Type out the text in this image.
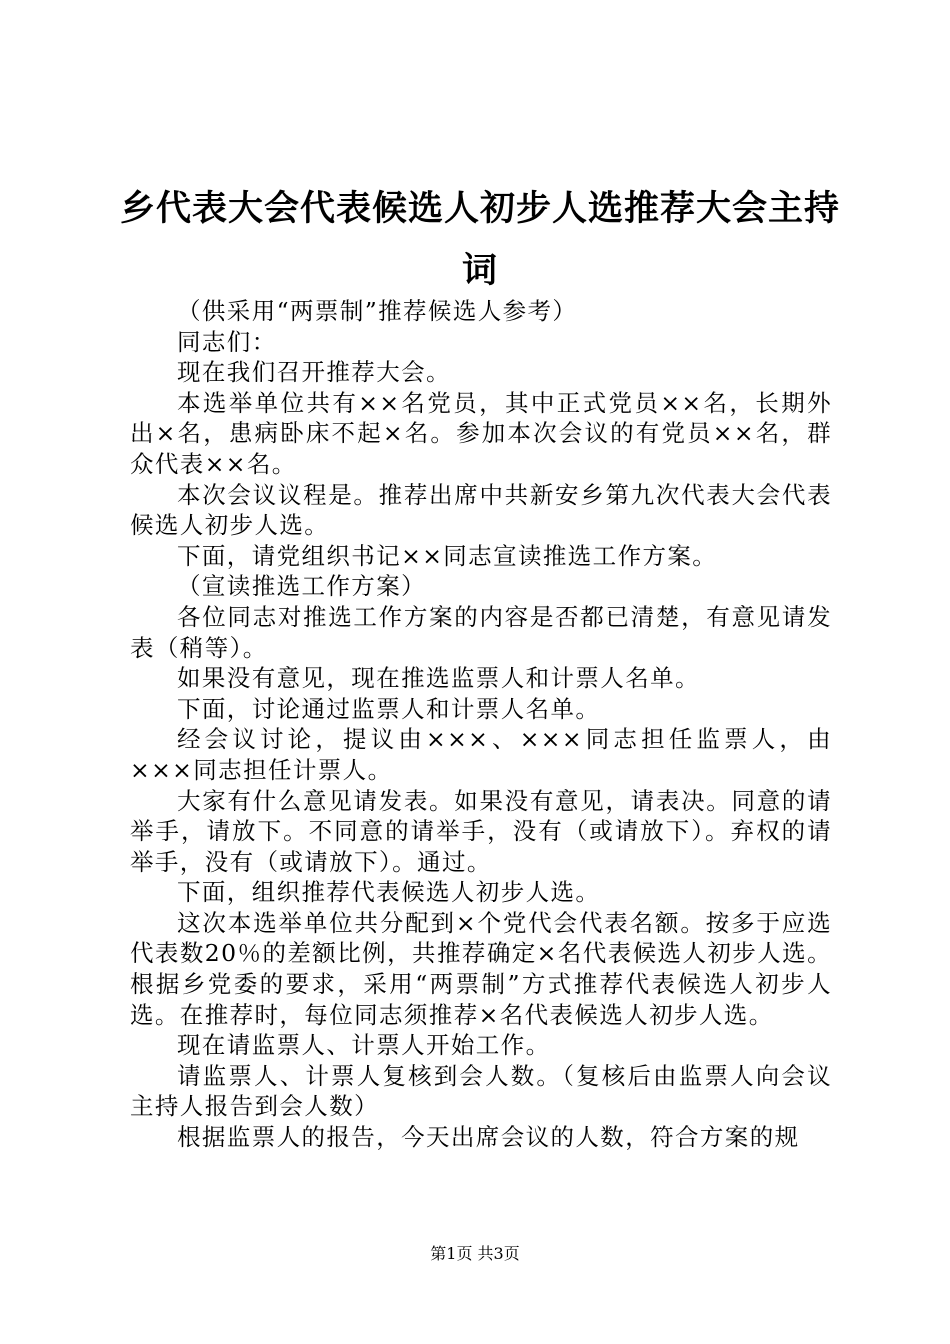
乡代表大会代表候选人初步人选推荐大会主持词

（供采用“两票制”推荐候选人参考）

同志们：

现在我们召开推荐大会。

本选举单位共有××名党员，其中正式党员××名，长期外出×名，患病卧床不起×名。参加本次会议的有党员××名，群众代表××名。

本次会议议程是。推荐出席中共新安乡第九次代表大会代表候选人初步人选。

下面，请党组织书记××同志宣读推选工作方案。

（宣读推选工作方案）

各位同志对推选工作方案的内容是否都已清楚，有意见请发表（稍等）。

如果没有意见，现在推选监票人和计票人名单。

下面，讨论通过监票人和计票人名单。

经会议讨论，提议由×××、×××同志担任监票人，由×××同志担任计票人。

大家有什么意见请发表。如果没有意见，请表决。同意的请举手，请放下。不同意的请举手，没有（或请放下）。弃权的请举手，没有（或请放下）。通过。

下面，组织推荐代表候选人初步人选。

这次本选举单位共分配到×个党代会代表名额。按多于应选代表数20％的差额比例，共推荐确定×名代表候选人初步人选。根据乡党委的要求，采用“两票制”方式推荐代表候选人初步人选。在推荐时，每位同志须推荐×名代表候选人初步人选。

现在请监票人、计票人开始工作。

请监票人、计票人复核到会人数。（复核后由监票人向会议主持人报告到会人数）

根据监票人的报告，今天出席会议的人数，符合方案的规

第1页 共3页
